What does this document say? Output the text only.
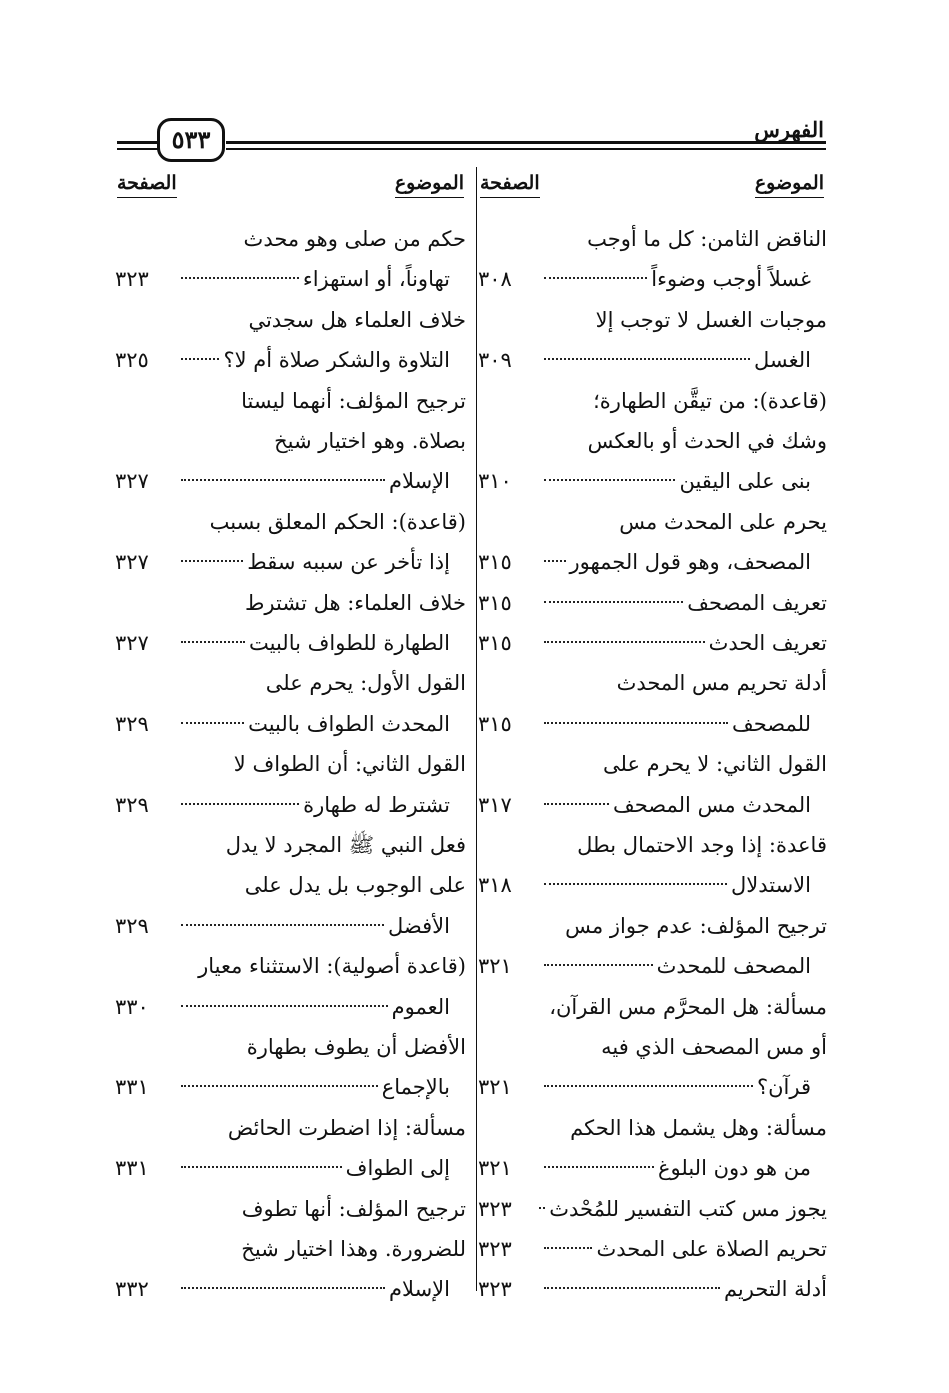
الفهرس
٥٣٣
الموضوع
الصفحة
الموضوع
الصفحة
الناقض الثامن: كل ما أوجب
٣٠٨	غسلاً أوجب وضوءاً
موجبات الغسل لا توجب إلا
٣٠٩	الغسل
(قاعدة): من تيقَّن الطهارة؛
وشك في الحدث أو بالعكس
٣١٠	بنى على اليقين
يحرم على المحدث مس
٣١٥	المصحف، وهو قول الجمهور
٣١٥	تعريف المصحف
٣١٥	تعريف الحدث
أدلة تحريم مس المحدث
٣١٥	للمصحف
القول الثاني: لا يحرم على
٣١٧	المحدث مس المصحف
قاعدة: إذا وجد الاحتمال بطل
٣١٨	الاستدلال
ترجيح المؤلف: عدم جواز مس
٣٢١	المصحف للمحدث
مسألة: هل المحرَّم مس القرآن،
أو مس المصحف الذي فيه
٣٢١	قرآن؟
مسألة: وهل يشمل هذا الحكم
٣٢١	من هو دون البلوغ
٣٢٣	يجوز مس كتب التفسير للمُحْدث
٣٢٣	تحريم الصلاة على المحدث
٣٢٣	أدلة التحريم
حكم من صلى وهو محدث
٣٢٣	تهاوناً، أو استهزاء
خلاف العلماء هل سجدتي
٣٢٥	التلاوة والشكر صلاة أم لا؟
ترجيح المؤلف: أنهما ليستا
بصلاة. وهو اختيار شيخ
٣٢٧	الإسلام
(قاعدة): الحكم المعلق بسبب
٣٢٧	إذا تأخر عن سببه سقط
خلاف العلماء: هل تشترط
٣٢٧	الطهارة للطواف بالبيت
القول الأول: يحرم على
٣٢٩	المحدث الطواف بالبيت
القول الثاني: أن الطواف لا
٣٢٩	تشترط له طهارة
فعل النبي ﷺ المجرد لا يدل
على الوجوب بل يدل على
٣٢٩	الأفضل
(قاعدة أصولية): الاستثناء معيار
٣٣٠	العموم
الأفضل أن يطوف بطهارة
٣٣١	بالإجماع
مسألة: إذا اضطرت الحائض
٣٣١	إلى الطواف
ترجيح المؤلف: أنها تطوف
للضرورة. وهذا اختيار شيخ
٣٣٢	الإسلام
